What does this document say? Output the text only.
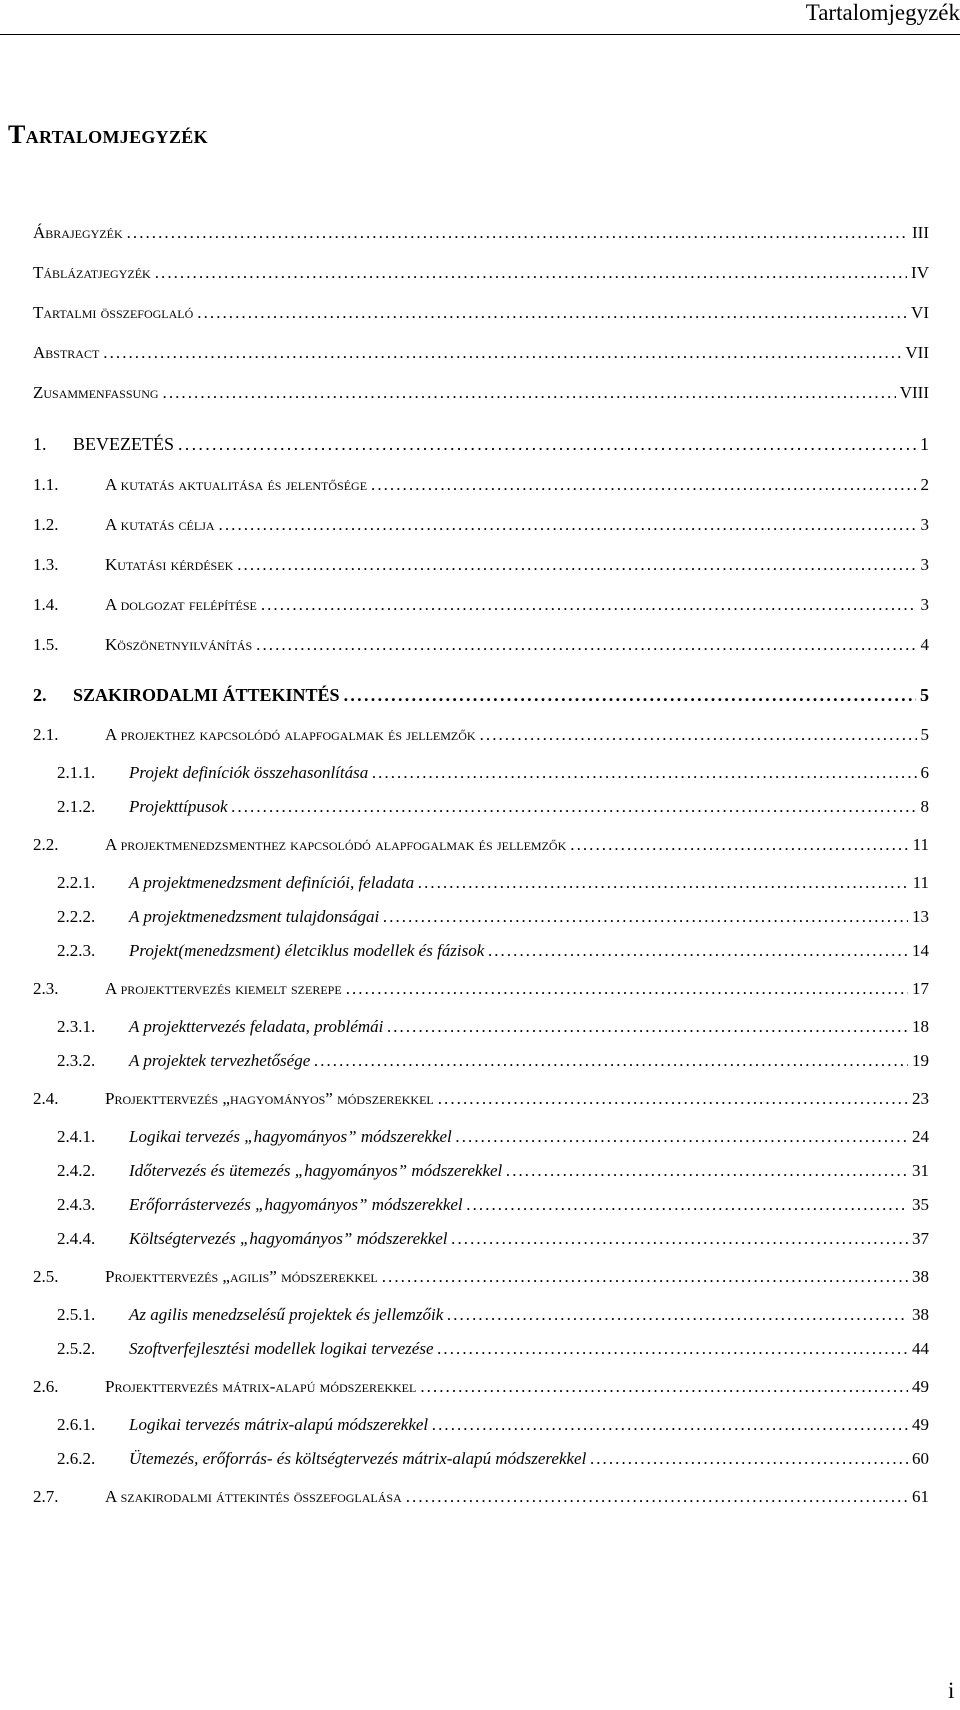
Tartalomjegyzék
Tartalomjegyzék
Ábrajegyzék . . .	III
Táblázatjegyzék . . .	IV
Tartalmi összefoglaló . . .	VI
Abstract . . .	VII
Zusammenfassung . . .	VIII
1.	BEVEZETÉS . . .	1
1.1.	A kutatás aktualitása és jelentősége . . .	2
1.2.	A kutatás célja . . .	3
1.3.	Kutatási kérdések . . .	3
1.4.	A dolgozat felépítése . . .	3
1.5.	Köszönetnyilvánítás . . .	4
2.	SZAKIRODALMI ÁTTEKINTÉS . . .	5
2.1.	A projekthez kapcsolódó alapfogalmak és jellemzők . . .	5
2.1.1.	Projekt definíciók összehasonlítása . . .	6
2.1.2.	Projekttípusok . . .	8
2.2.	A projektmenedzsmenthez kapcsolódó alapfogalmak és jellemzők . . .	11
2.2.1.	A projektmenedzsment definíciói, feladata . . .	11
2.2.2.	A projektmenedzsment tulajdonságai . . .	13
2.2.3.	Projekt(menedzsment) életciklus modellek és fázisok . . .	14
2.3.	A projekttervezés kiemelt szerepe . . .	17
2.3.1.	A projekttervezés feladata, problémái . . .	18
2.3.2.	A projektek tervezhetősége . . .	19
2.4.	Projekttervezés „hagyományos” módszerekkel . . .	23
2.4.1.	Logikai tervezés „hagyományos” módszerekkel . . .	24
2.4.2.	Időtervezés és ütemezés „hagyományos” módszerekkel . . .	31
2.4.3.	Erőforrástervezés „hagyományos” módszerekkel . . .	35
2.4.4.	Költségtervezés „hagyományos” módszerekkel . . .	37
2.5.	Projekttervezés „agilis” módszerekkel . . .	38
2.5.1.	Az agilis menedzselésű projektek és jellemzőik . . .	38
2.5.2.	Szoftverfejlesztési modellek logikai tervezése . . .	44
2.6.	Projekttervezés mátrix-alapú módszerekkel . . .	49
2.6.1.	Logikai tervezés mátrix-alapú módszerekkel . . .	49
2.6.2.	Ütemezés, erőforrás- és költségtervezés mátrix-alapú módszerekkel . . .	60
2.7.	A szakirodalmi áttekintés összefoglalása . . .	61
i
